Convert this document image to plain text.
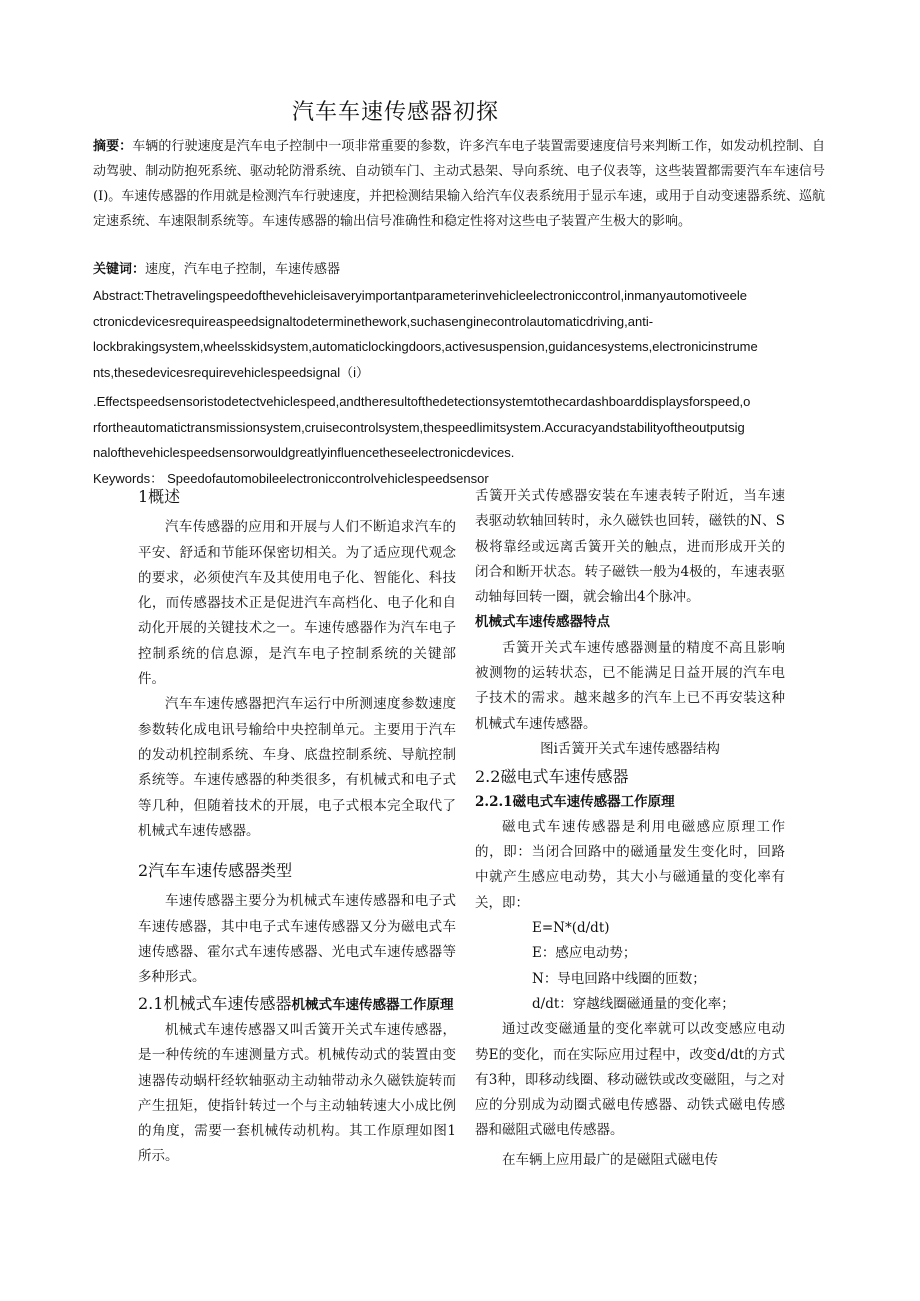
汽车车速传感器初探
摘要：车辆的行驶速度是汽车电子控制中一项非常重要的参数，许多汽车电子装置需要速度信号来判断工作，如发动机控制、自动驾驶、制动防抱死系统、驱动轮防滑系统、自动锁车门、主动式悬架、导向系统、电子仪表等，这些装置都需要汽车车速信号(I)。车速传感器的作用就是检测汽车行驶速度，并把检测结果输入给汽车仪表系统用于显示车速，或用于自动变速器系统、巡航定速系统、车速限制系统等。车速传感器的输出信号准确性和稳定性将对这些电子装置产生极大的影响。
关键词：速度，汽车电子控制，车速传感器
Abstract:Thetravelingspeedofthevehicleisaveryimportantparameterinvehicleelectroniccontrol,inmanyautomotiveele
ctronicdevicesrequireaspeedsignaltodeterminethework,suchasenginecontrolautomaticdriving,anti-
lockbrakingsystem,wheelsskidsystem,automaticlockingdoors,activesuspension,guidancesystems,electronicinstrume
nts,thesedevicesrequirevehiclespeedsignal（i）
.Effectspeedsensoristodetectvehiclespeed,andtheresultofthedetectionsystemtothecardashboarddisplaysforspeed,o
rfortheautomatictransmissionsystem,cruisecontrolsystem,thespeedlimitsystem.Accuracyandstabilityoftheoutputsig
nalofthevehiclespeedsensorwouldgreatlyinfluencetheseelectronicdevices.
Keywords： Speedofautomobileelectroniccontrolvehiclespeedsensor
1概述

汽车传感器的应用和开展与人们不断追求汽车的平安、舒适和节能环保密切相关。为了适应现代观念的要求，必须使汽车及其使用电子化、智能化、科技化，而传感器技术正是促进汽车高档化、电子化和自动化开展的关键技术之一。车速传感器作为汽车电子控制系统的信息源，是汽车电子控制系统的关键部件。

汽车车速传感器把汽车运行中所测速度参数速度参数转化成电讯号输给中央控制单元。主要用于汽车的发动机控制系统、车身、底盘控制系统、导航控制系统等。车速传感器的种类很多，有机械式和电子式等几种，但随着技术的开展，电子式根本完全取代了机械式车速传感器。

2汽车车速传感器类型

车速传感器主要分为机械式车速传感器和电子式车速传感器，其中电子式车速传感器又分为磁电式车速传感器、霍尔式车速传感器、光电式车速传感器等多种形式。

2.1机械式车速传感器机械式车速传感器工作原理

机械式车速传感器又叫舌簧开关式车速传感器，是一种传统的车速测量方式。机械传动式的装置由变速器传动蜗杆经软轴驱动主动轴带动永久磁铁旋转而产生扭矩，使指针转过一个与主动轴转速大小成比例的角度，需要一套机械传动机构。其工作原理如图1所示。

舌簧开关式传感器安装在车速表转子附近，当车速表驱动软轴回转时，永久磁铁也回转，磁铁的N、S极将靠经或远离舌簧开关的触点，进而形成开关的闭合和断开状态。转子磁铁一般为4极的，车速表驱动轴每回转一圈，就会输出4个脉冲。

机械式车速传感器特点

舌簧开关式车速传感器测量的精度不高且影响被测物的运转状态，已不能满足日益开展的汽车电子技术的需求。越来越多的汽车上已不再安装这种机械式车速传感器。

图i舌簧开关式车速传感器结构
2.2磁电式车速传感器
2.2.1磁电式车速传感器工作原理

磁电式车速传感器是利用电磁感应原理工作的，即：当闭合回路中的磁通量发生变化时，回路中就产生感应电动势，其大小与磁通量的变化率有关，即：

E=N*(d/dt)

E：感应电动势；

N：导电回路中线圈的匝数；

d/dt：穿越线圈磁通量的变化率；

通过改变磁通量的变化率就可以改变感应电动势E的变化，而在实际应用过程中，改变d/dt的方式有3种，即移动线圈、移动磁铁或改变磁阻，与之对应的分别成为动圈式磁电传感器、动铁式磁电传感器和磁阻式磁电传感器。

在车辆上应用最广的是磁阻式磁电传
